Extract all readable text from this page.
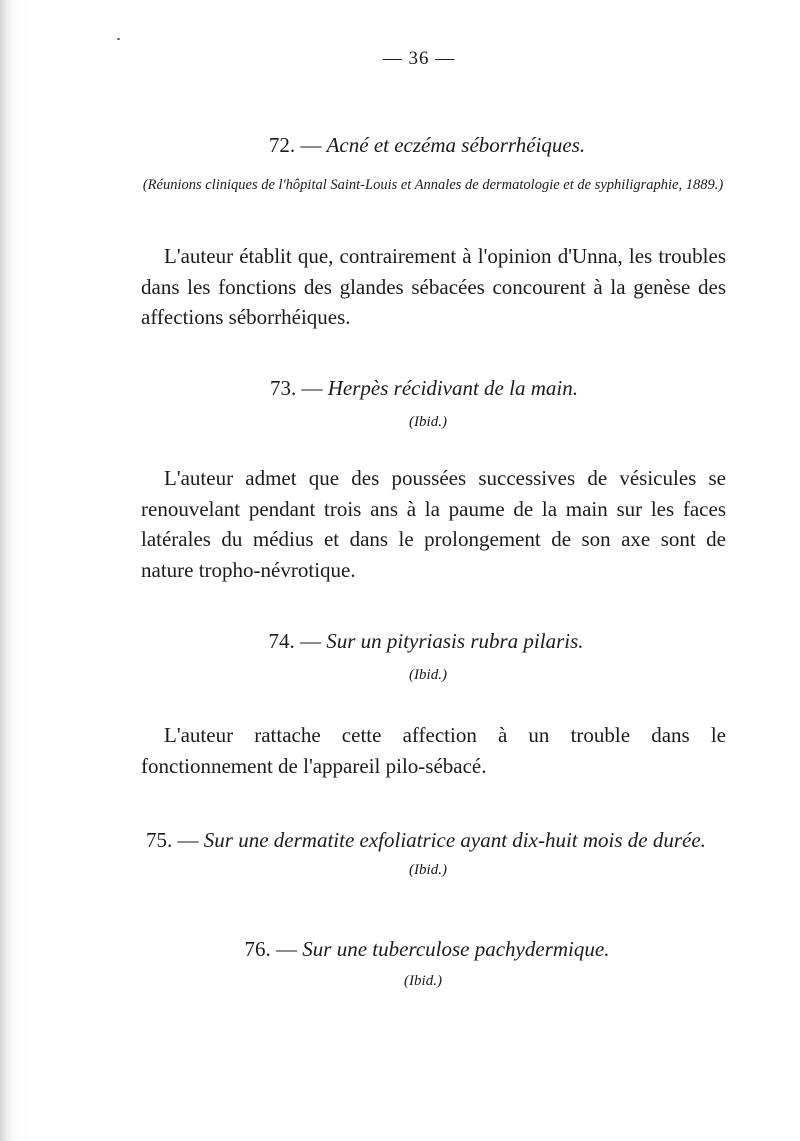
— 36 —
72. — Acné et eczéma séborrhéiques.
(Réunions cliniques de l'hôpital Saint-Louis et Annales de dermatologie et de syphiligraphie, 1889.)

L'auteur établit que, contrairement à l'opinion d'Unna, les troubles dans les fonctions des glandes sébacées concourent à la genèse des affections séborrhéiques.

73. — Herpès récidivant de la main.
(Ibid.)

L'auteur admet que des poussées successives de vésicules se renouvelant pendant trois ans à la paume de la main sur les faces latérales du médius et dans le prolongement de son axe sont de nature tropho-névrotique.

74. — Sur un pityriasis rubra pilaris.
(Ibid.)

L'auteur rattache cette affection à un trouble dans le fonctionnement de l'appareil pilo-sébacé.

75. — Sur une dermatite exfoliatrice ayant dix-huit mois de durée.
(Ibid.)
76. — Sur une tuberculose pachydermique.
(Ibid.)
